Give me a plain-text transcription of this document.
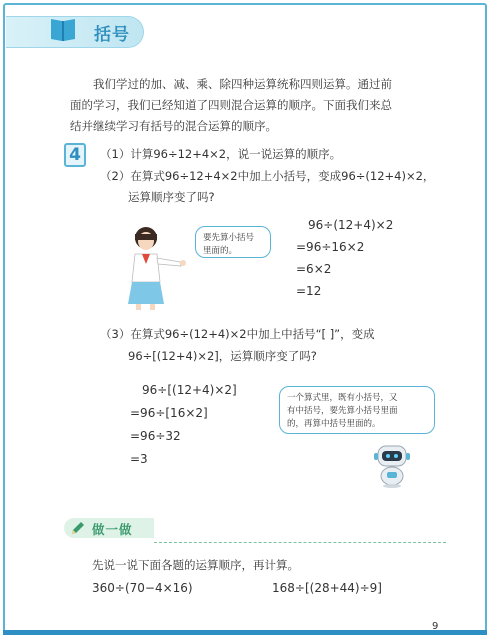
括号
我们学过的加、减、乘、除四种运算统称四则运算。通过前
面的学习，我们已经知道了四则混合运算的顺序。下面我们来总
结并继续学习有括号的混合运算的顺序。
4	（1）计算96÷12+4×2，说一说运算的顺序。
（2）在算式96÷12+4×2中加上小括号，变成96÷(12+4)×2，
运算顺序变了吗?
要先算小括号
里面的。
96÷(12+4)×2
=96÷16×2
=6×2
=12
（3）在算式96÷(12+4)×2中加上中括号“[ ]”，变成
96÷[(12+4)×2]，运算顺序变了吗?
96÷[(12+4)×2]
=96÷[16×2]
=96÷32
=3
一个算式里，既有小括号，又
有中括号，要先算小括号里面
的，再算中括号里面的。
做一做
先说一说下面各题的运算顺序，再计算。
360÷(70−4×16)	168÷[(28+44)÷9]
9
